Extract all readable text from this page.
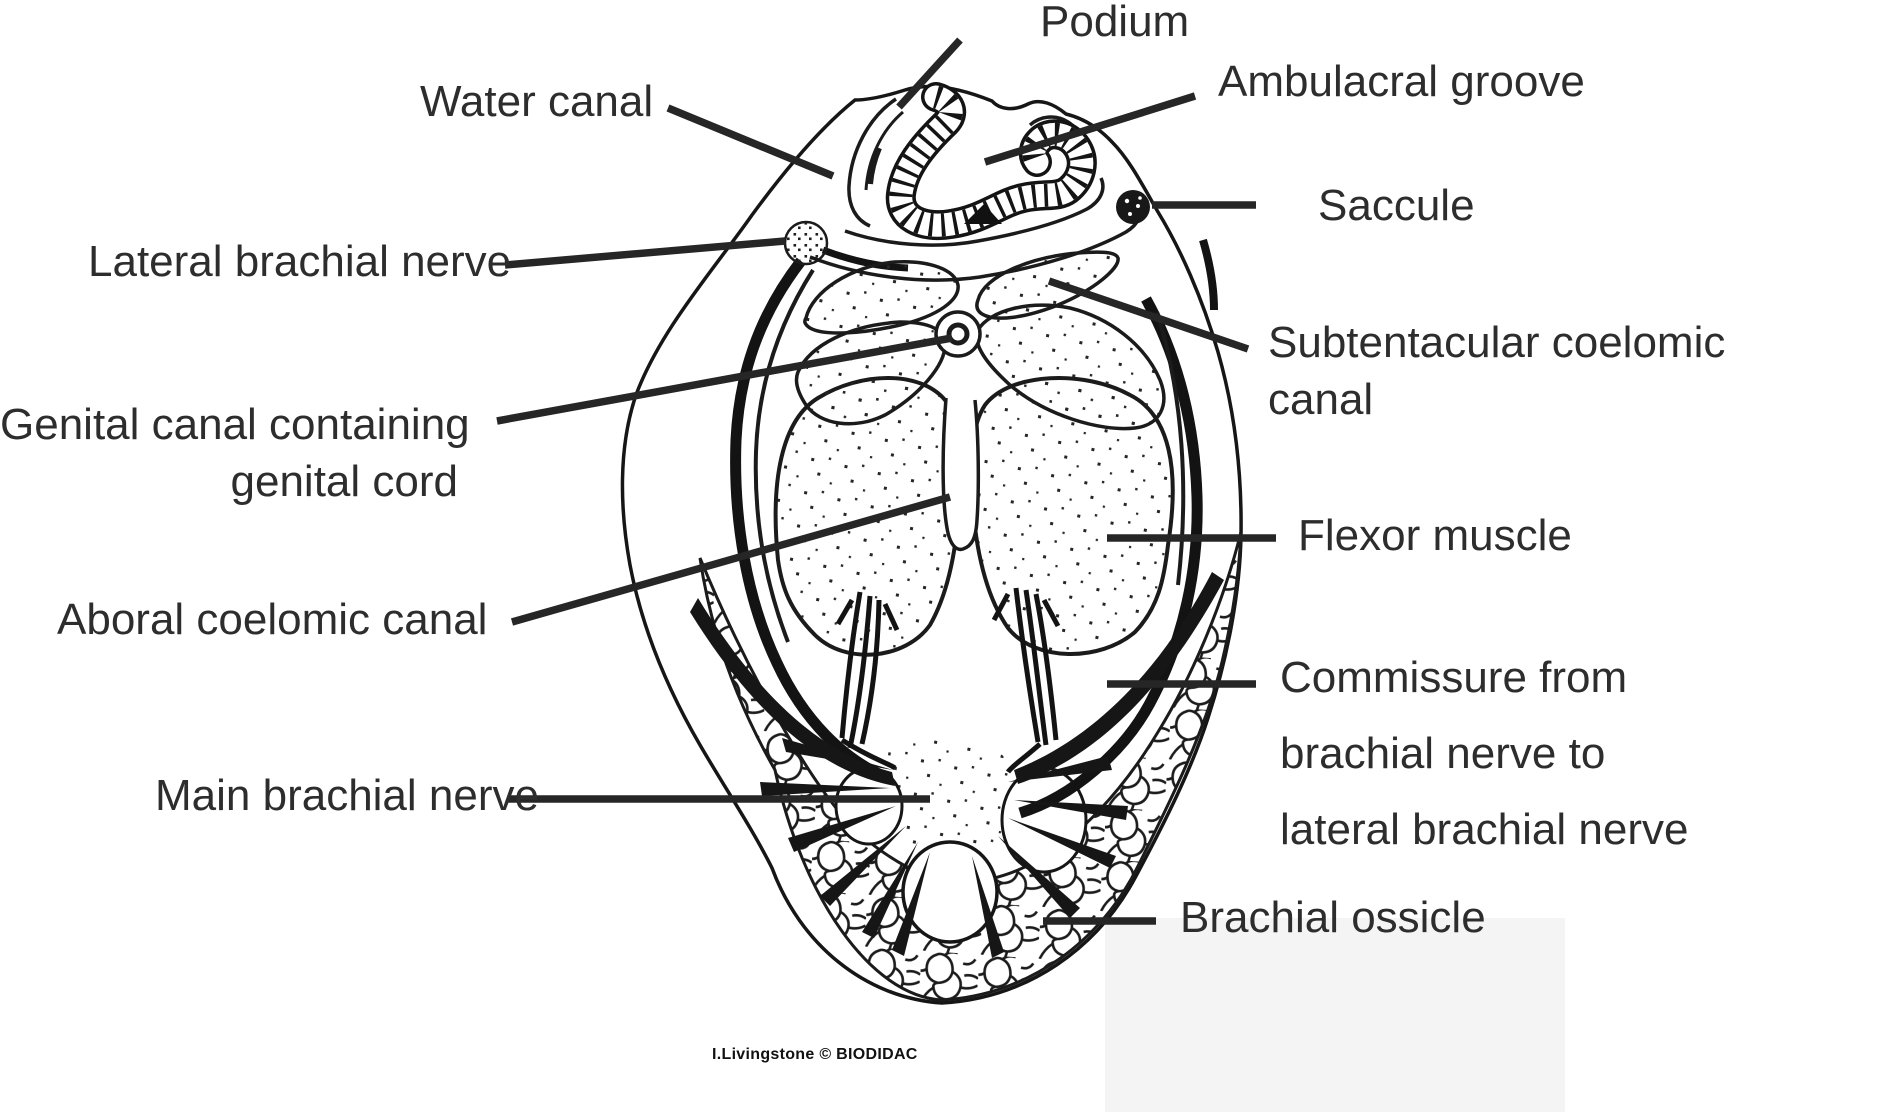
Podium
Water canal	Ambulacral groove
Saccule
Lateral brachial nerve
Subtentacular coelomic
canal
Genital canal containing
genital cord
Flexor muscle
Aboral coelomic canal
Commissure from
brachial nerve to
lateral brachial nerve
Main brachial nerve
Brachial ossicle
I.Livingstone © BIODIDAC
